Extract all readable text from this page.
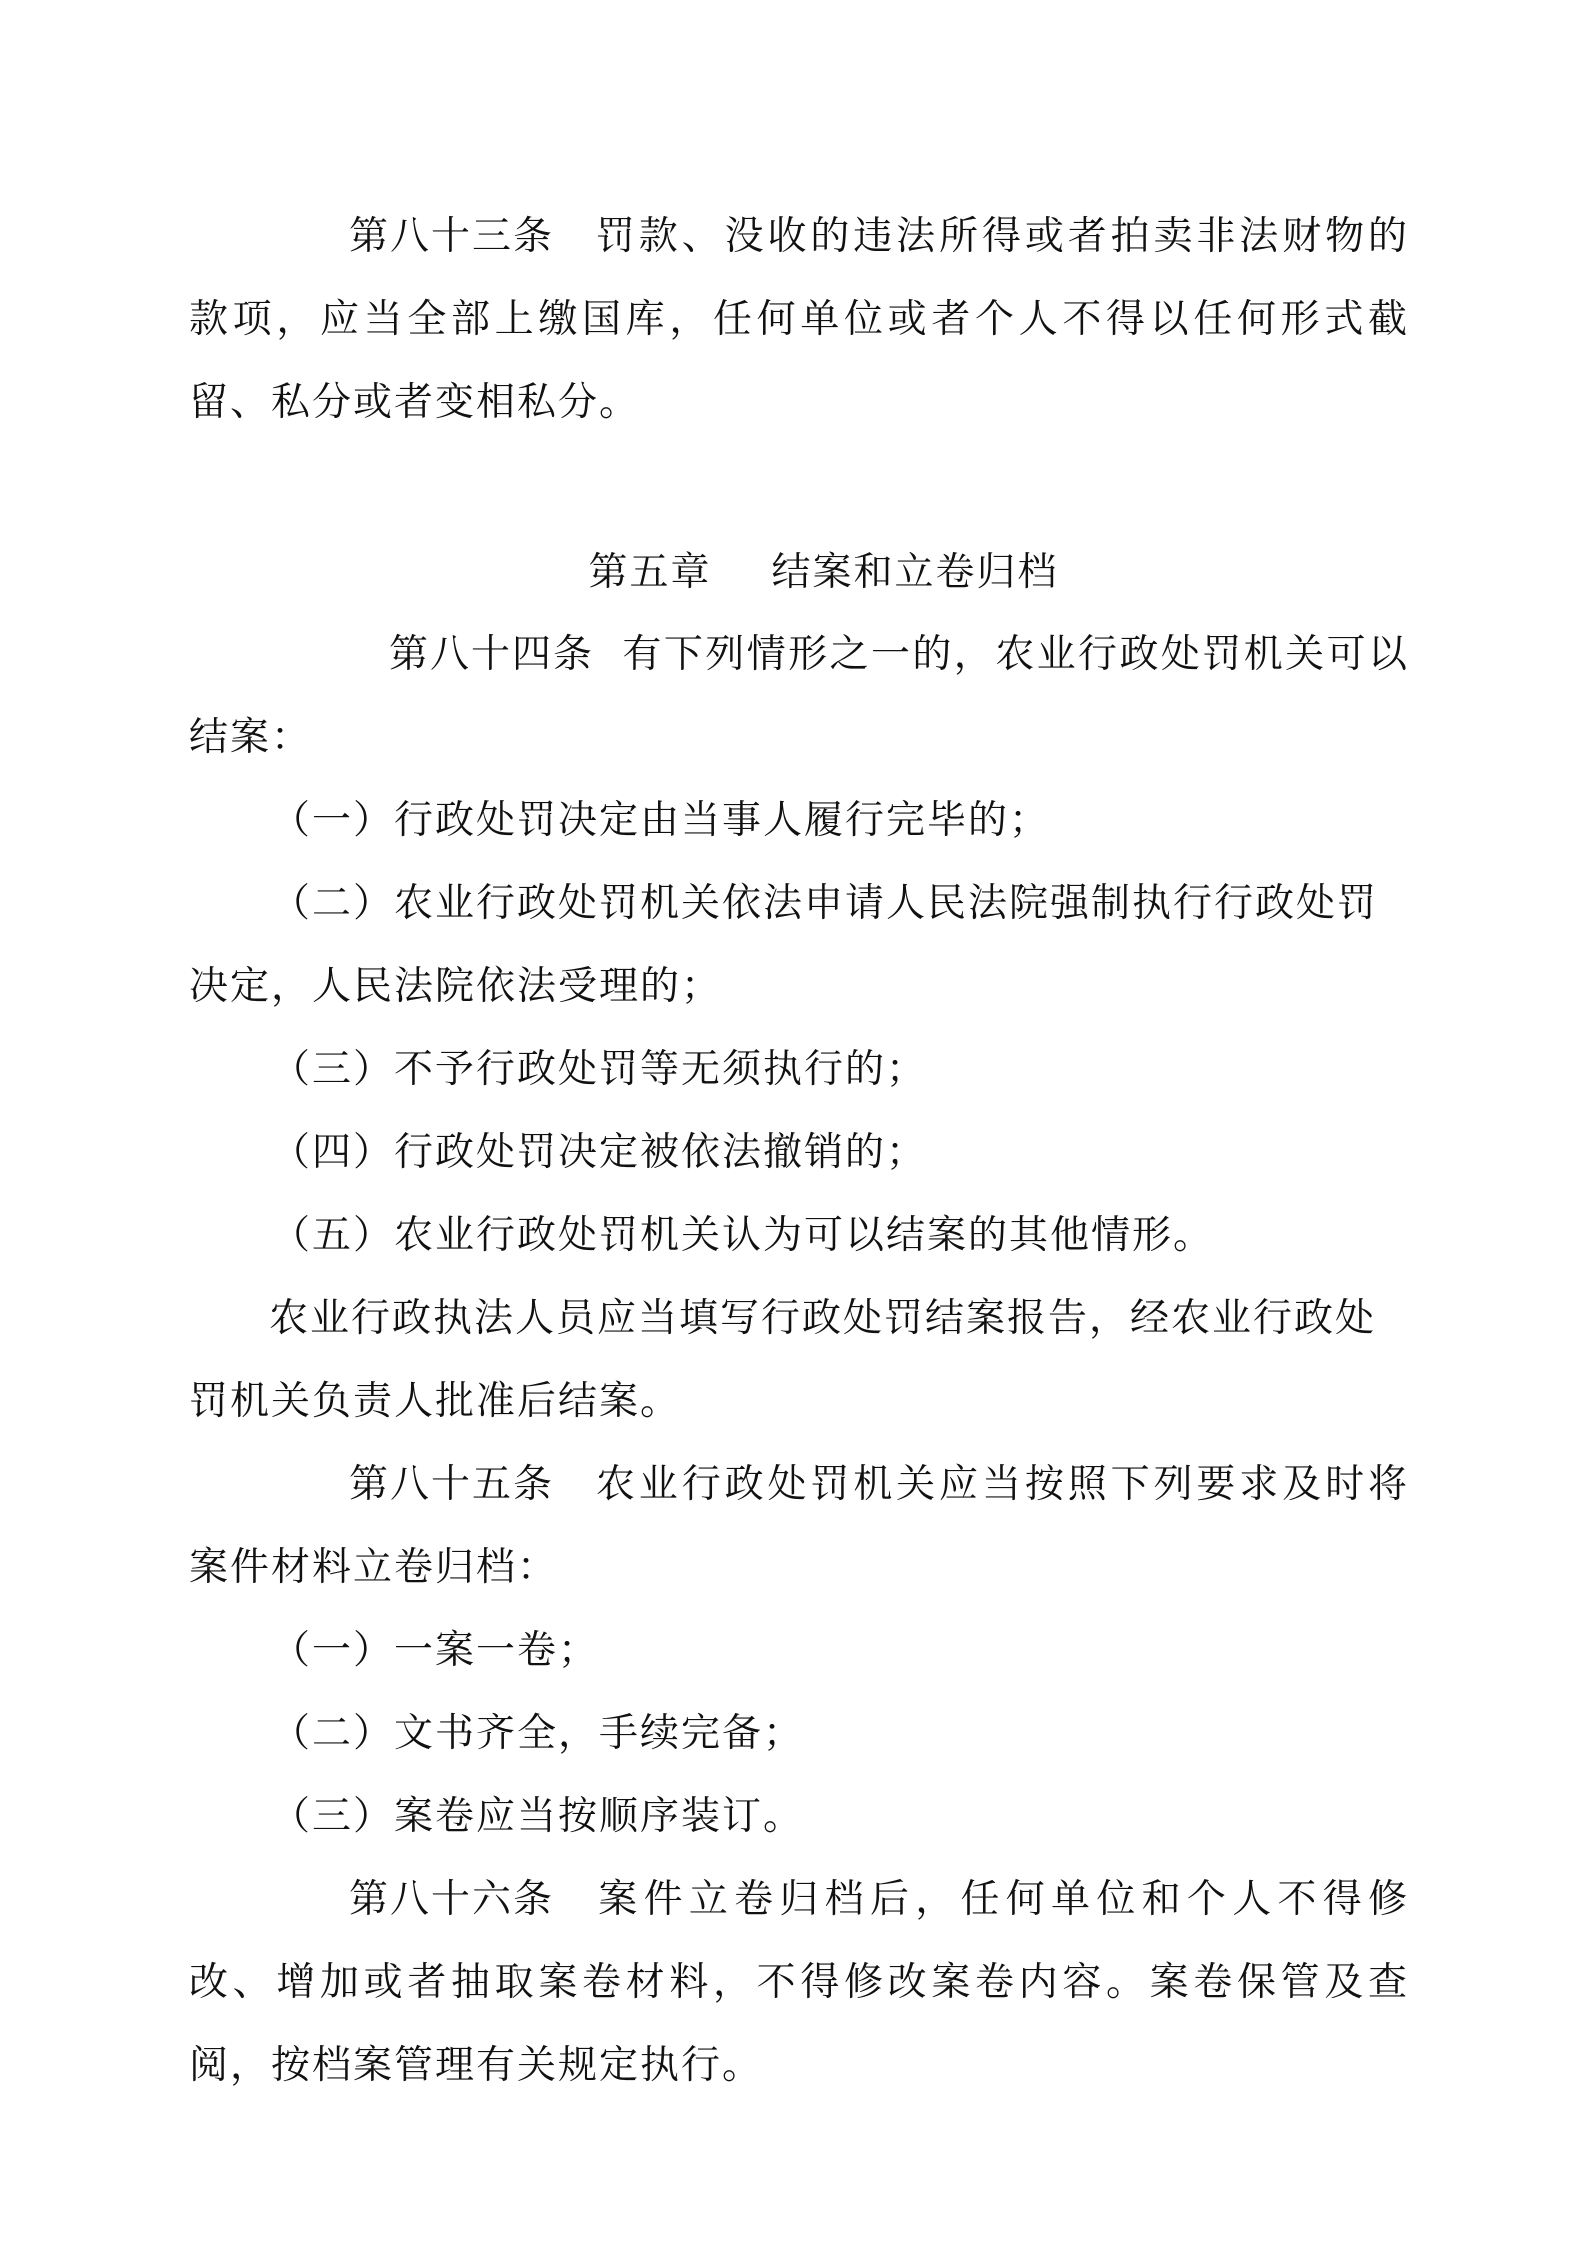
第八十三条 罚款、没收的违法所得或者拍卖非法财物的款项，应当全部上缴国库，任何单位或者个人不得以任何形式截留、私分或者变相私分。

第五章 结案和立卷归档

第八十四条 有下列情形之一的，农业行政处罚机关可以结案：

（一）行政处罚决定由当事人履行完毕的；

（二）农业行政处罚机关依法申请人民法院强制执行行政处罚决定，人民法院依法受理的；

（三）不予行政处罚等无须执行的；

（四）行政处罚决定被依法撤销的；

（五）农业行政处罚机关认为可以结案的其他情形。

农业行政执法人员应当填写行政处罚结案报告，经农业行政处罚机关负责人批准后结案。

第八十五条 农业行政处罚机关应当按照下列要求及时将案件材料立卷归档：

（一）一案一卷；

（二）文书齐全，手续完备；

（三）案卷应当按顺序装订。

第八十六条 案件立卷归档后，任何单位和个人不得修改、增加或者抽取案卷材料，不得修改案卷内容。案卷保管及查阅，按档案管理有关规定执行。
